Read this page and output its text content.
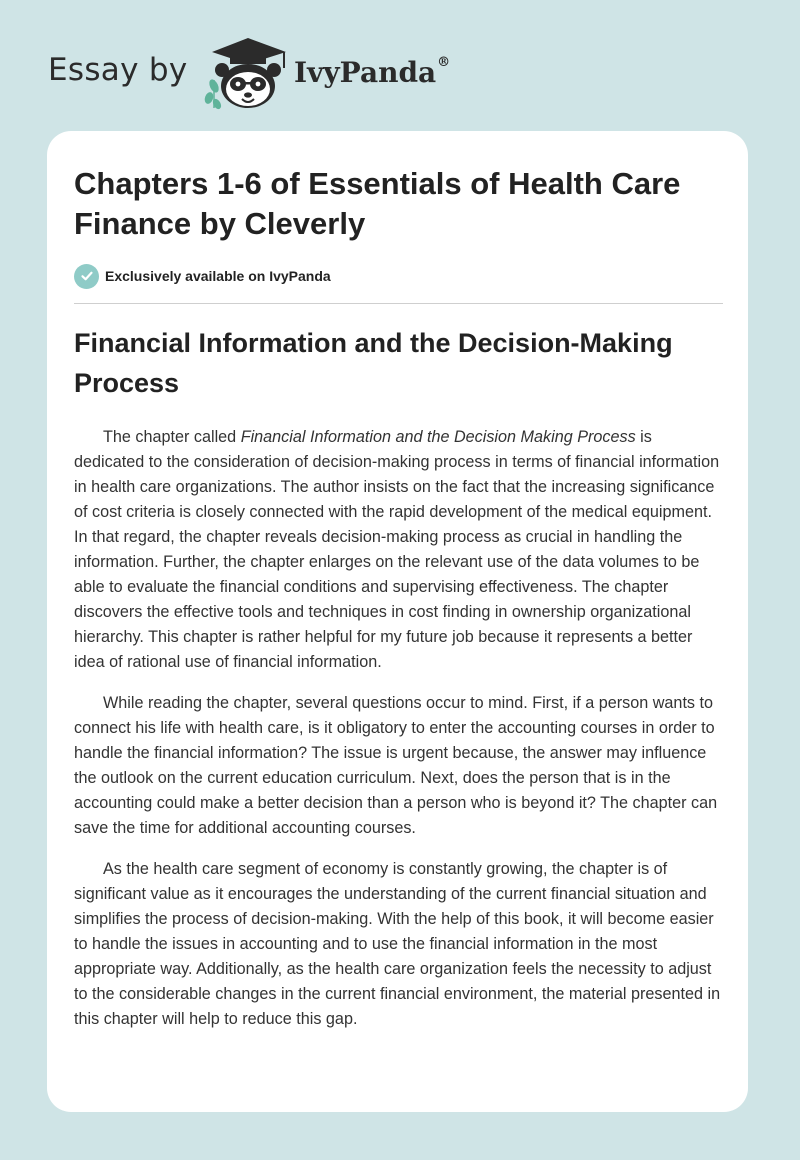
Essay by	IvyPanda®
Chapters 1-6 of Essentials of Health Care Finance by Cleverly
Exclusively available on IvyPanda
Financial Information and the Decision-Making Process

The chapter called Financial Information and the Decision Making Process is dedicated to the consideration of decision-making process in terms of financial information in health care organizations. The author insists on the fact that the increasing significance of cost criteria is closely connected with the rapid development of the medical equipment. In that regard, the chapter reveals decision-making process as crucial in handling the information. Further, the chapter enlarges on the relevant use of the data volumes to be able to evaluate the financial conditions and supervising effectiveness. The chapter discovers the effective tools and techniques in cost finding in ownership organizational hierarchy. This chapter is rather helpful for my future job because it represents a better idea of rational use of financial information.

While reading the chapter, several questions occur to mind. First, if a person wants to connect his life with health care, is it obligatory to enter the accounting courses in order to handle the financial information? The issue is urgent because, the answer may influence the outlook on the current education curriculum. Next, does the person that is in the accounting could make a better decision than a person who is beyond it? The chapter can save the time for additional accounting courses.

As the health care segment of economy is constantly growing, the chapter is of significant value as it encourages the understanding of the current financial situation and simplifies the process of decision-making. With the help of this book, it will become easier to handle the issues in accounting and to use the financial information in the most appropriate way. Additionally, as the health care organization feels the necessity to adjust to the considerable changes in the current financial environment, the material presented in this chapter will help to reduce this gap.
